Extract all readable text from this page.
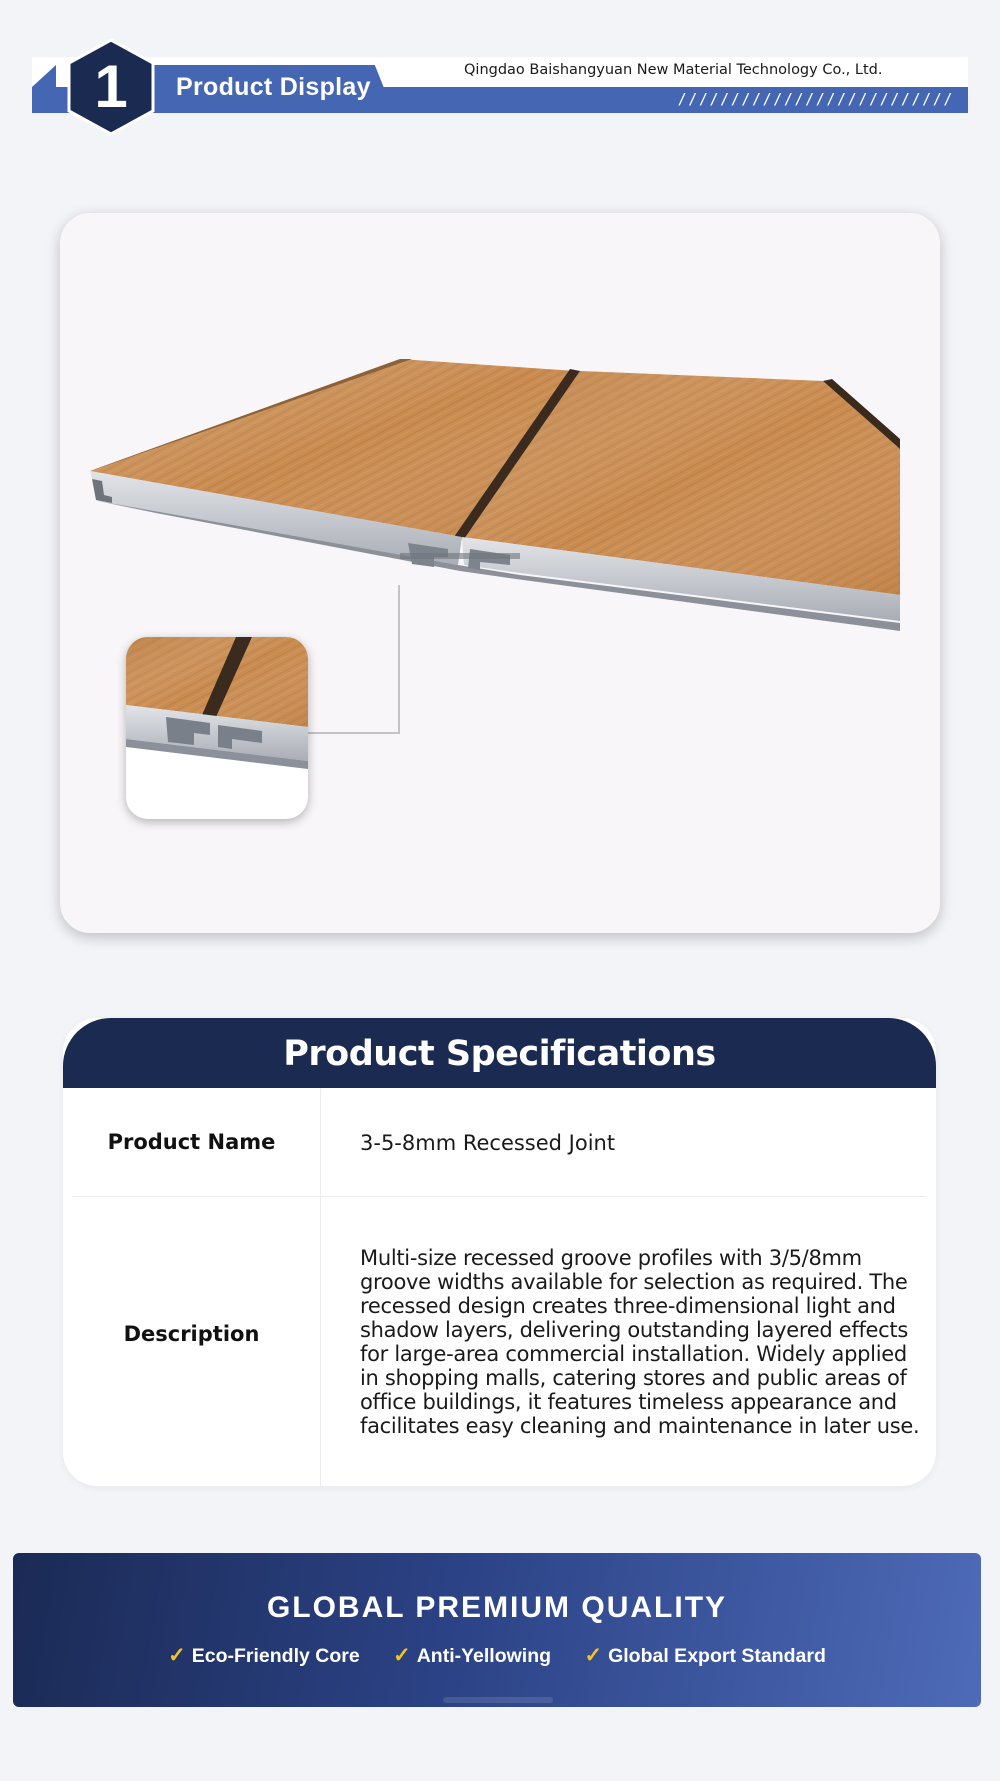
Product Display
Qingdao Baishangyuan New Material Technology Co., Ltd.
//////////////////////////
1
Product Specifications
Product Name	3-5-8mm Recessed Joint
Description
Multi-size recessed groove profiles with 3/5/8mm
groove widths available for selection as required. The
recessed design creates three-dimensional light and
shadow layers, delivering outstanding layered effects
for large-area commercial installation. Widely applied
in shopping malls, catering stores and public areas of
office buildings, it features timeless appearance and
facilitates easy cleaning and maintenance in later use.
GLOBAL PREMIUM QUALITY
✓ Eco-Friendly Core ✓ Anti-Yellowing ✓ Global Export Standard
